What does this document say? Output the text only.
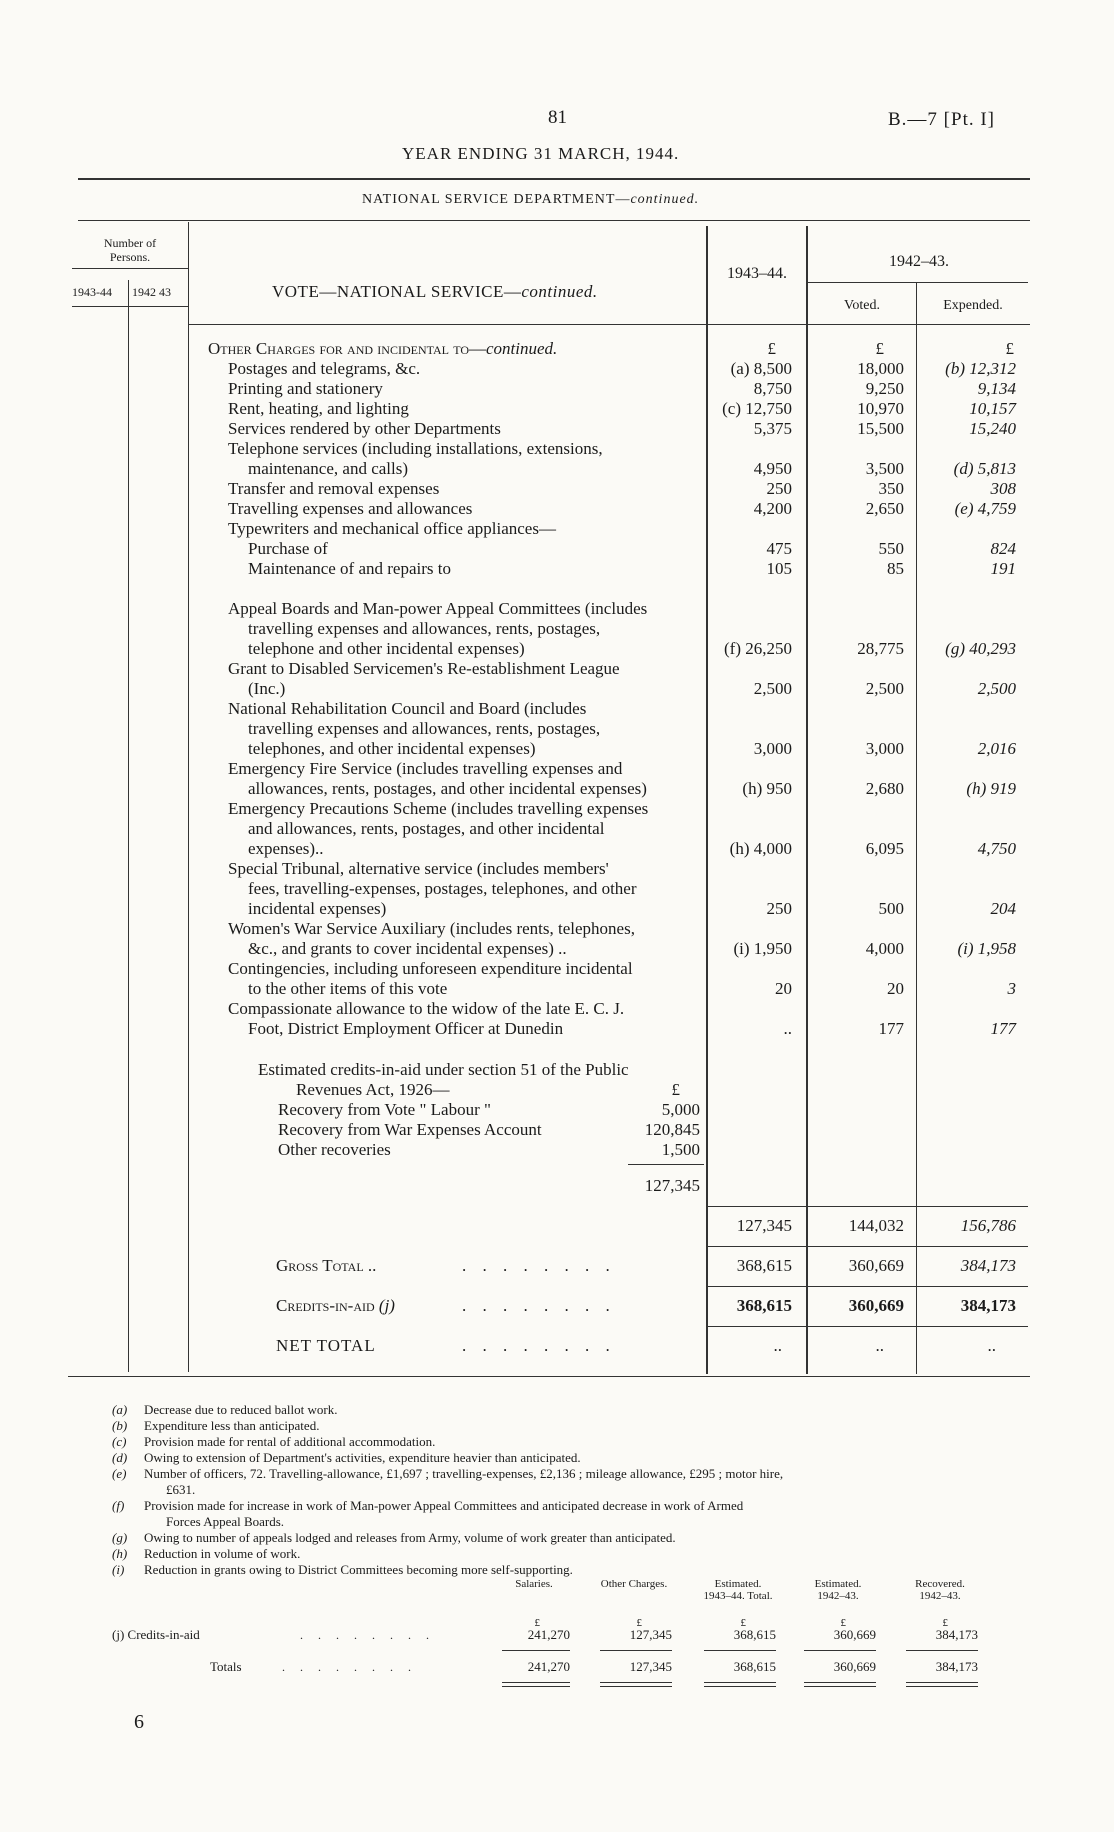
81	B.—7 [Pt. I]
YEAR ENDING 31 MARCH, 1944.
NATIONAL SERVICE DEPARTMENT—continued.
Number of Persons.
1943-44 1942 43	VOTE—NATIONAL SERVICE—continued.
1943–44.
1942–43.
Voted.	Expended.
Other Charges for and incidental to—continued.	£	£	£
Postages and telegrams, &c.	(a) 8,500	18,000	(b) 12,312
Printing and stationery	8,750	9,250	9,134
Rent, heating, and lighting	(c) 12,750	10,970	10,157
Services rendered by other Departments	5,375	15,500	15,240
Telephone services (including installations, extensions,
maintenance, and calls)	4,950	3,500	(d) 5,813
Transfer and removal expenses	250	350	308
Travelling expenses and allowances	4,200	2,650	(e) 4,759
Typewriters and mechanical office appliances—
Purchase of	475	550	824
Maintenance of and repairs to	105	85	191
Appeal Boards and Man-power Appeal Committees (includes
travelling expenses and allowances, rents, postages,
telephone and other incidental expenses)	(f) 26,250	28,775	(g) 40,293
Grant to Disabled Servicemen's Re-establishment League
(Inc.)	2,500	2,500	2,500
National Rehabilitation Council and Board (includes
travelling expenses and allowances, rents, postages,
telephones, and other incidental expenses)	3,000	3,000	2,016
Emergency Fire Service (includes travelling expenses and
allowances, rents, postages, and other incidental expenses)	(h) 950	2,680	(h) 919
Emergency Precautions Scheme (includes travelling expenses
and allowances, rents, postages, and other incidental
expenses)..	(h) 4,000	6,095	4,750
Special Tribunal, alternative service (includes members'
fees, travelling-expenses, postages, telephones, and other
incidental expenses)	250	500	204
Women's War Service Auxiliary (includes rents, telephones,
&c., and grants to cover incidental expenses) ..	(i) 1,950	4,000	(i) 1,958
Contingencies, including unforeseen expenditure incidental
to the other items of this vote	20	20	3
Compassionate allowance to the widow of the late E. C. J.
Foot, District Employment Officer at Dunedin	..	177	177
Estimated credits-in-aid under section 51 of the Public
Revenues Act, 1926—	£
Recovery from Vote " Labour "	5,000
Recovery from War Expenses Account	120,845
Other recoveries	1,500
127,345
127,345	144,032	156,786
Gross Total ..	. . . . . . . .	368,615	360,669	384,173
Credits-in-aid (j)	. . . . . . . .	368,615	360,669	384,173
NET TOTAL	. . . . . . . .	..	..	..
(a) Decrease due to reduced ballot work.
(b) Expenditure less than anticipated.
(c) Provision made for rental of additional accommodation.
(d) Owing to extension of Department's activities, expenditure heavier than anticipated.
(e) Number of officers, 72. Travelling-allowance, £1,697 ; travelling-expenses, £2,136 ; mileage allowance, £295 ; motor hire,
£631.
(f) Provision made for increase in work of Man-power Appeal Committees and anticipated decrease in work of Armed
Forces Appeal Boards.
(g) Owing to number of appeals lodged and releases from Army, volume of work greater than anticipated.
(h) Reduction in volume of work.
(i) Reduction in grants owing to District Committees becoming more self-supporting.
Salaries.
£
Other Charges.
£
Estimated. 1943–44. Total.
£
Estimated. 1942–43.
£
Recovered. 1942–43.
£
(j) Credits-in-aid	. . . . . . . .	241,270	127,345	368,615	360,669	384,173
Totals	. . . . . . . .	241,270	127,345	368,615	360,669	384,173
6
